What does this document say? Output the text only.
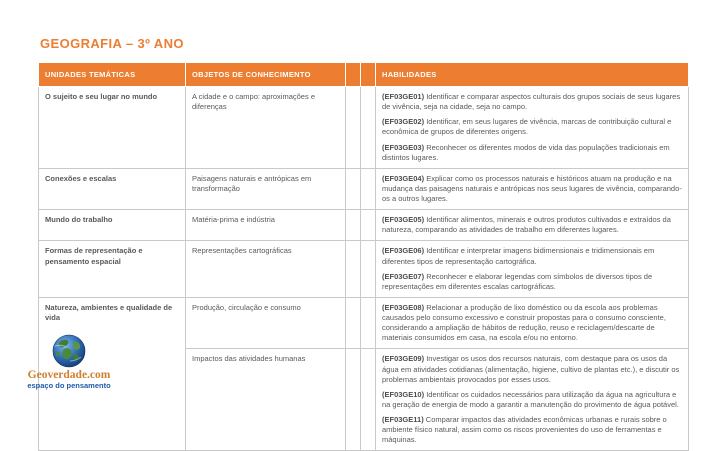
GEOGRAFIA – 3º ANO
UNIDADES TEMÁTICAS	OBJETOS DE CONHECIMENTO			HABILIDADES
O sujeito e seu lugar no mundo	A cidade e o campo: aproximações e diferenças			(EF03GE01) Identificar e comparar aspectos culturais dos grupos sociais de seus lugares de vivência, seja na cidade, seja no campo.

(EF03GE02) Identificar, em seus lugares de vivência, marcas de contribuição cultural e econômica de grupos de diferentes origens.

(EF03GE03) Reconhecer os diferentes modos de vida das populações tradicionais em distintos lugares.

Conexões e escalas	Paisagens naturais e antrópicas em transformação			(EF03GE04) Explicar como os processos naturais e históricos atuam na produção e na mudança das paisagens naturais e antrópicas nos seus lugares de vivência, comparando-os a outros lugares.

Mundo do trabalho	Matéria-prima e indústria			(EF03GE05) Identificar alimentos, minerais e outros produtos cultivados e extraídos da natureza, comparando as atividades de trabalho em diferentes lugares.

Formas de representação e pensamento espacial	Representações cartográficas			(EF03GE06) Identificar e interpretar imagens bidimensionais e tridimensionais em diferentes tipos de representação cartográfica.

(EF03GE07) Reconhecer e elaborar legendas com símbolos de diversos tipos de representações em diferentes escalas cartográficas.

Natureza, ambientes e qualidade de vida	Produção, circulação e consumo			(EF03GE08) Relacionar a produção de lixo doméstico ou da escola aos problemas causados pelo consumo excessivo e construir propostas para o consumo consciente, considerando a ampliação de hábitos de redução, reuso e reciclagem/descarte de materiais consumidos em casa, na escola e/ou no entorno.

	Impactos das atividades humanas			(EF03GE09) Investigar os usos dos recursos naturais, com destaque para os usos da água em atividades cotidianas (alimentação, higiene, cultivo de plantas etc.), e discutir os problemas ambientais provocados por esses usos.

(EF03GE10) Identificar os cuidados necessários para utilização da água na agricultura e na geração de energia de modo a garantir a manutenção do provimento de água potável.

(EF03GE11) Comparar impactos das atividades econômicas urbanas e rurais sobre o ambiente físico natural, assim como os riscos provenientes do uso de ferramentas e máquinas.

Geoverdade.com
espaço do pensamento
